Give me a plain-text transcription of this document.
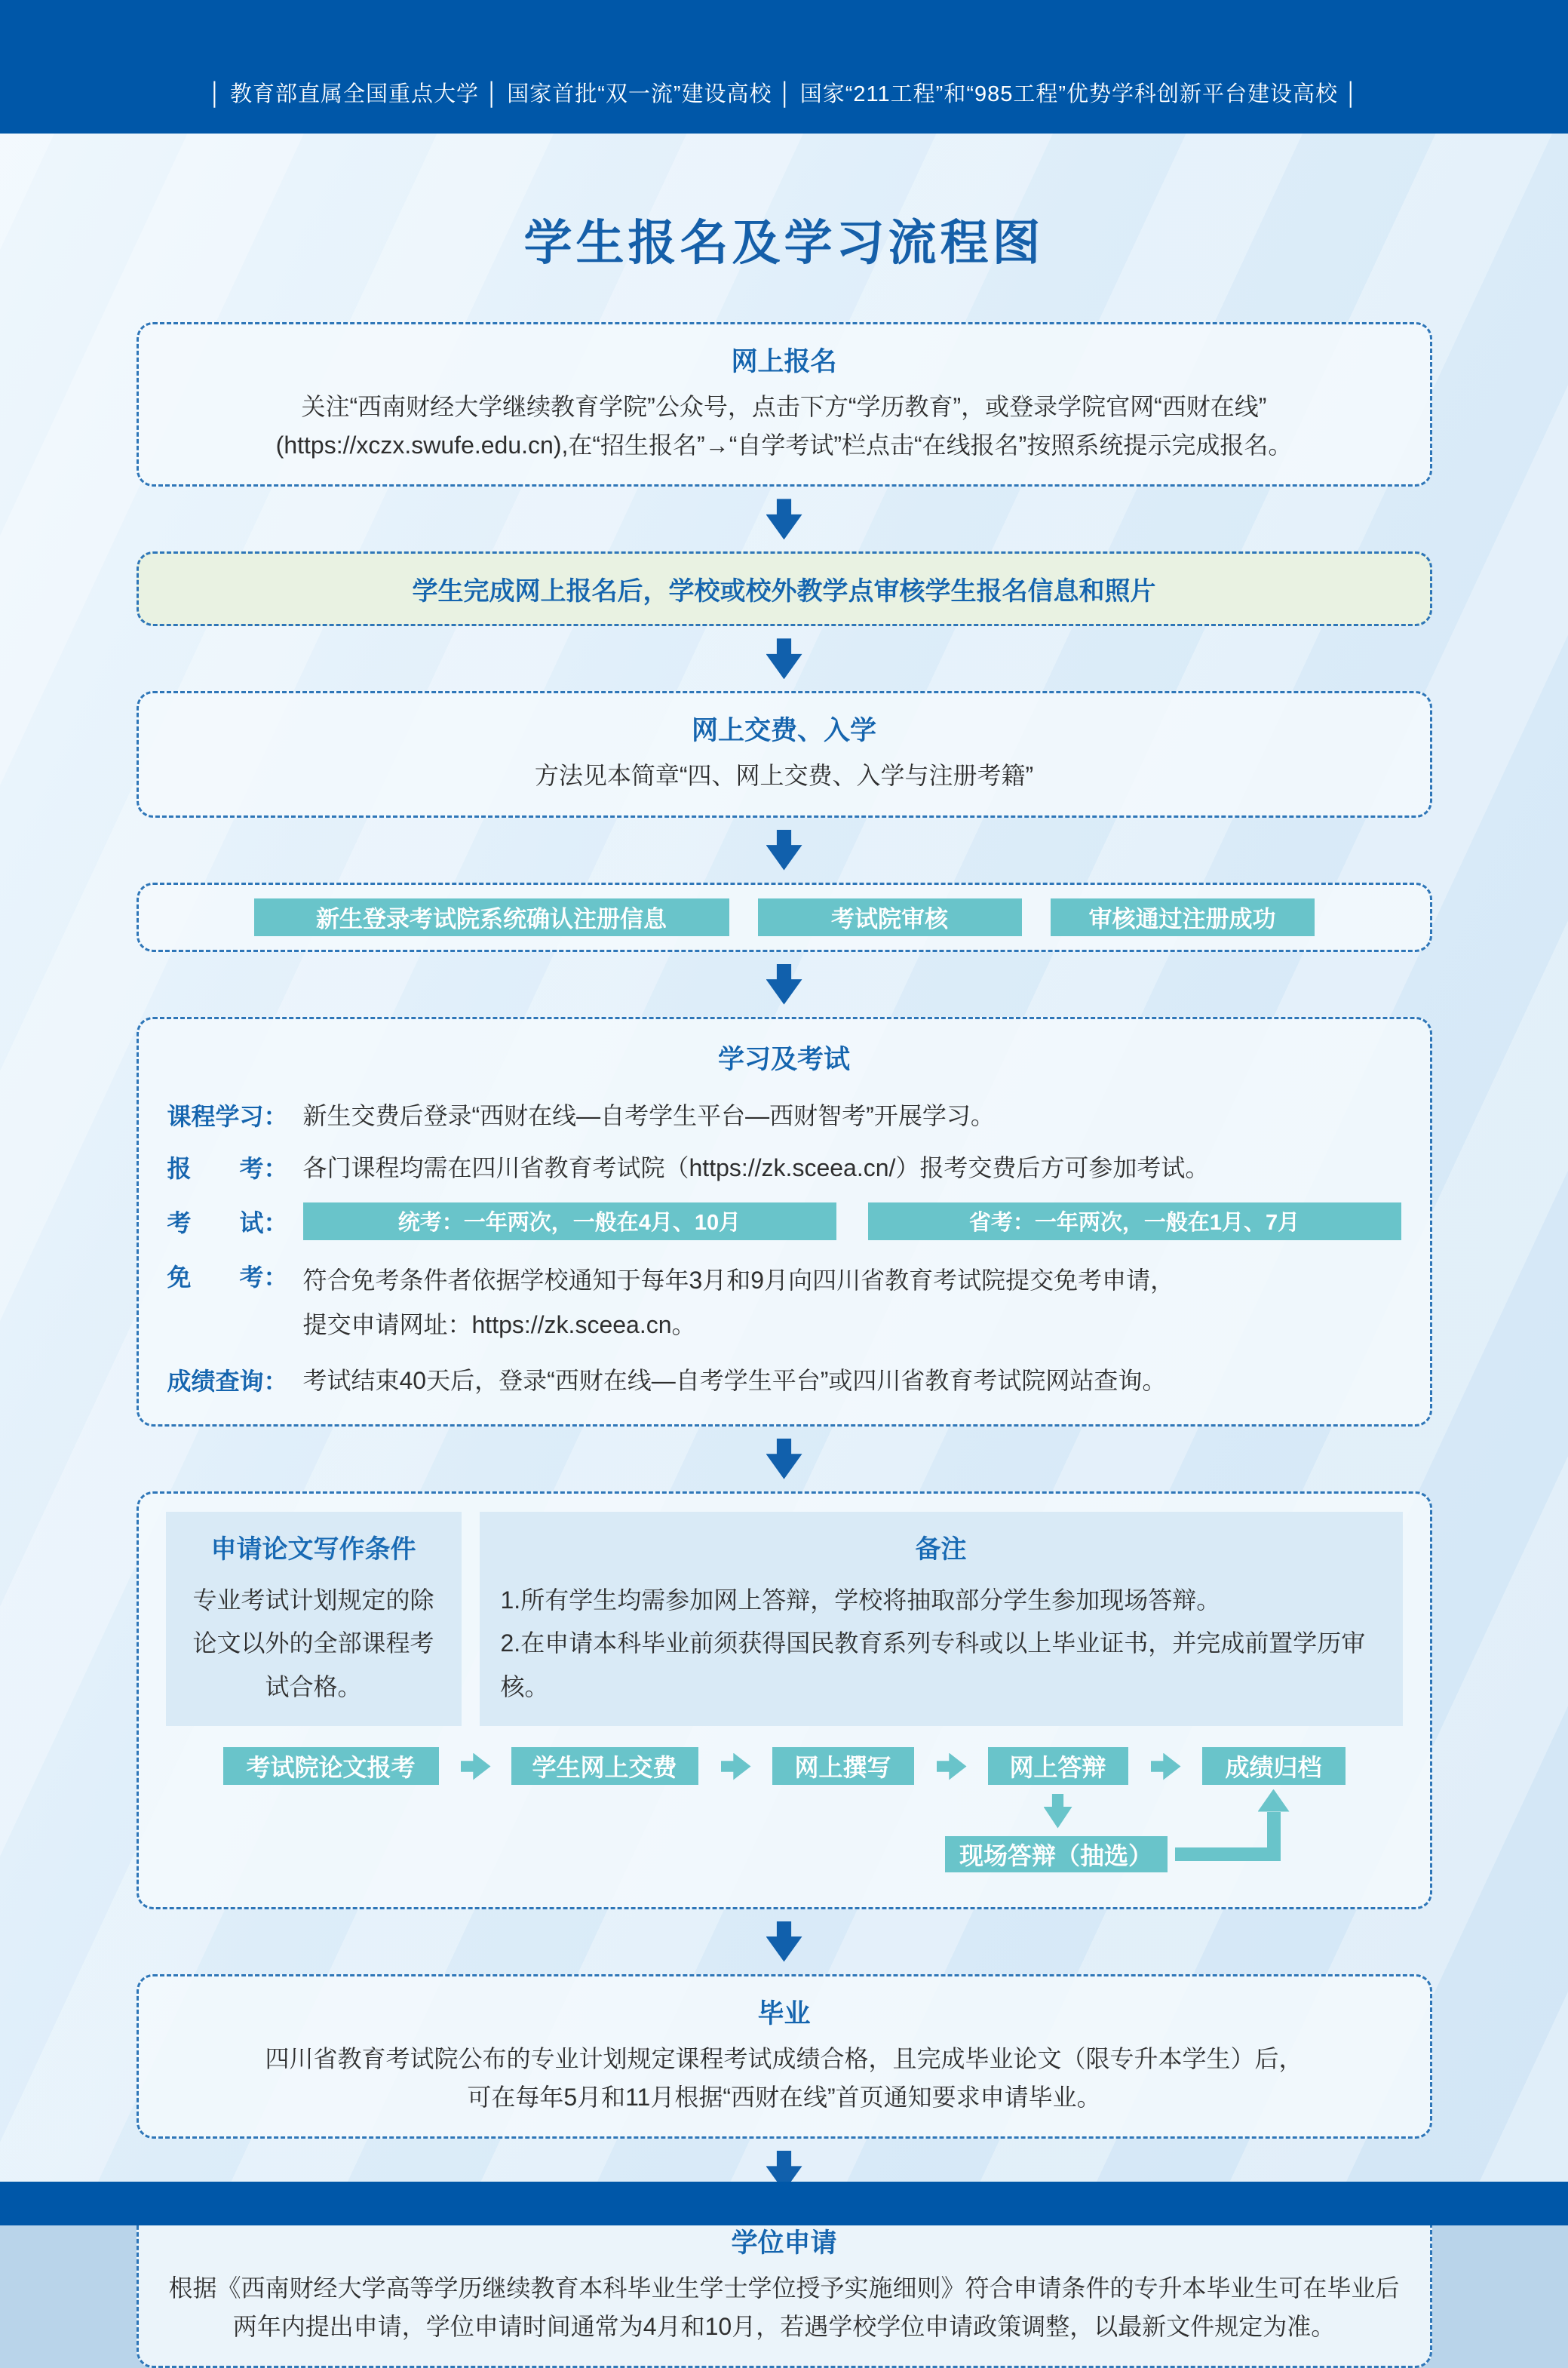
│ 教育部直属全国重点大学 │ 国家首批“双一流”建设高校 │ 国家“211工程”和“985工程”优势学科创新平台建设高校 │
学生报名及学习流程图
网上报名

关注“西南财经大学继续教育学院”公众号，点击下方“学历教育”，或登录学院官网“西财在线”

(https://xczx.swufe.edu.cn),在“招生报名”→“自学考试”栏点击“在线报名”按照系统提示完成报名。

学生完成网上报名后，学校或校外教学点审核学生报名信息和照片
网上交费、入学

方法见本简章“四、网上交费、入学与注册考籍”

新生登录考试院系统确认注册信息	考试院审核	审核通过注册成功
学习及考试
课程学习： 新生交费后登录“西财在线—自考学生平台—西财智考”开展学习。
报　　考： 各门课程均需在四川省教育考试院（https://zk.sceea.cn/）报考交费后方可参加考试。
考　　试：	统考：一年两次，一般在4月、10月	省考：一年两次，一般在1月、7月
免　　考： 符合免考条件者依据学校通知于每年3月和9月向四川省教育考试院提交免考申请，
提交申请网址：https://zk.sceea.cn。
成绩查询： 考试结束40天后，登录“西财在线—自考学生平台”或四川省教育考试院网站查询。
申请论文写作条件
专业考试计划规定的除论文以外的全部课程考试合格。
备注
1.所有学生均需参加网上答辩，学校将抽取部分学生参加现场答辩。
2.在申请本科毕业前须获得国民教育系列专科或以上毕业证书，并完成前置学历审核。
考试院论文报考	学生网上交费	网上撰写	网上答辩	成绩归档
现场答辩（抽选）
毕业

四川省教育考试院公布的专业计划规定课程考试成绩合格，且完成毕业论文（限专升本学生）后，

可在每年5月和11月根据“西财在线”首页通知要求申请毕业。

学位申请

根据《西南财经大学高等学历继续教育本科毕业生学士学位授予实施细则》符合申请条件的专升本毕业生可在毕业后

两年内提出申请，学位申请时间通常为4月和10月，若遇学校学位申请政策调整，以最新文件规定为准。
